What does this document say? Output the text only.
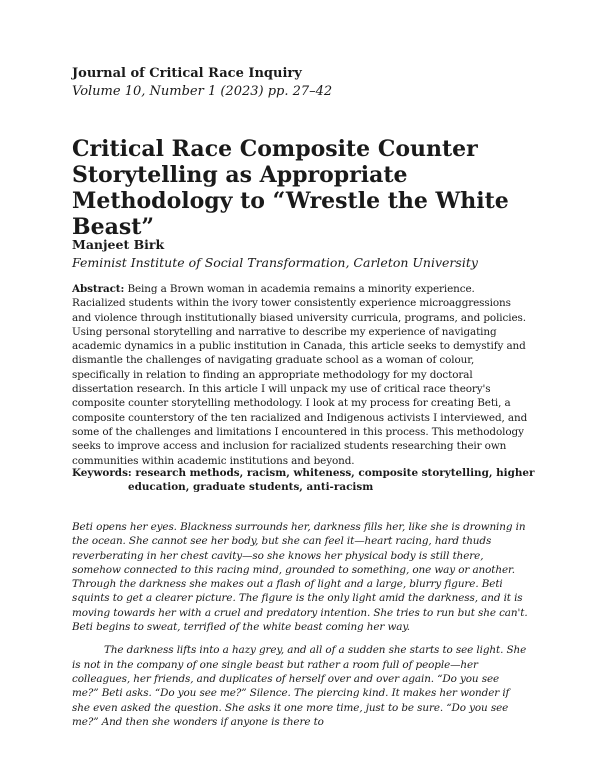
Journal of Critical Race Inquiry
Volume 10, Number 1 (2023) pp. 27–42
Critical Race Composite Counter Storytelling as Appropriate Methodology to “Wrestle the White Beast”
Manjeet Birk
Feminist Institute of Social Transformation, Carleton University
Abstract: Being a Brown woman in academia remains a minority experience. Racialized students within the ivory tower consistently experience microaggressions and violence through institutionally biased university curricula, programs, and policies. Using personal storytelling and narrative to describe my experience of navigating academic dynamics in a public institution in Canada, this article seeks to demystify and dismantle the challenges of navigating graduate school as a woman of colour, specifically in relation to finding an appropriate methodology for my doctoral dissertation research. In this article I will unpack my use of critical race theory's composite counter storytelling methodology. I look at my process for creating Beti, a composite counterstory of the ten racialized and Indigenous activists I interviewed, and some of the challenges and limitations I encountered in this process. This methodology seeks to improve access and inclusion for racialized students researching their own communities within academic institutions and beyond.
Keywords: research methods, racism, whiteness, composite storytelling, higher education, graduate students, anti-racism

Beti opens her eyes. Blackness surrounds her, darkness fills her, like she is drowning in the ocean. She cannot see her body, but she can feel it—heart racing, hard thuds reverberating in her chest cavity—so she knows her physical body is still there, somehow connected to this racing mind, grounded to something, one way or another. Through the darkness she makes out a flash of light and a large, blurry figure. Beti squints to get a clearer picture. The figure is the only light amid the darkness, and it is moving towards her with a cruel and predatory intention. She tries to run but she can't. Beti begins to sweat, terrified of the white beast coming her way.

The darkness lifts into a hazy grey, and all of a sudden she starts to see light. She is not in the company of one single beast but rather a room full of people—her colleagues, her friends, and duplicates of herself over and over again. “Do you see me?” Beti asks. “Do you see me?” Silence. The piercing kind. It makes her wonder if she even asked the question. She asks it one more time, just to be sure. “Do you see me?” And then she wonders if anyone is there to
